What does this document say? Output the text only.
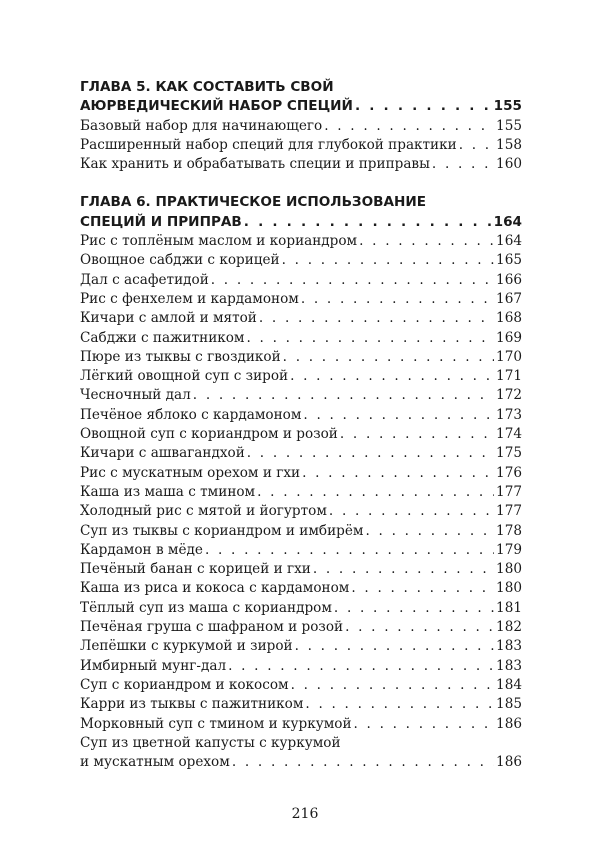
ГЛАВА 5. КАК СОСТАВИТЬ СВОЙ
АЮРВЕДИЧЕСКИЙ НАБОР СПЕЦИЙ . . .	155
Базовый набор для начинающего . . .	155
Расширенный набор специй для глубокой практики . . .	158
Как хранить и обрабатывать специи и приправы . . .	160
ГЛАВА 6. ПРАКТИЧЕСКОЕ ИСПОЛЬЗОВАНИЕ
СПЕЦИЙ И ПРИПРАВ . . .	164
Рис с топлёным маслом и кориандром . . .	164
Овощное сабджи с корицей . . .	165
Дал с асафетидой . . .	166
Рис с фенхелем и кардамоном . . .	167
Кичари с амлой и мятой . . .	168
Сабджи с пажитником . . .	169
Пюре из тыквы с гвоздикой . . .	170
Лёгкий овощной суп с зирой . . .	171
Чесночный дал . . .	172
Печёное яблоко с кардамоном . . .	173
Овощной суп с кориандром и розой . . .	174
Кичари с ашвагандхой . . .	175
Рис с мускатным орехом и гхи . . .	176
Каша из маша с тмином . . .	177
Холодный рис с мятой и йогуртом . . .	177
Суп из тыквы с кориандром и имбирём . . .	178
Кардамон в мёде . . .	179
Печёный банан с корицей и гхи . . .	180
Каша из риса и кокоса с кардамоном . . .	180
Тёплый суп из маша с кориандром . . .	181
Печёная груша с шафраном и розой . . .	182
Лепёшки с куркумой и зирой . . .	183
Имбирный мунг-дал . . .	183
Суп с кориандром и кокосом . . .	184
Карри из тыквы с пажитником . . .	185
Морковный суп с тмином и куркумой . . .	186
Суп из цветной капусты с куркумой
и мускатным орехом . . .	186
216
